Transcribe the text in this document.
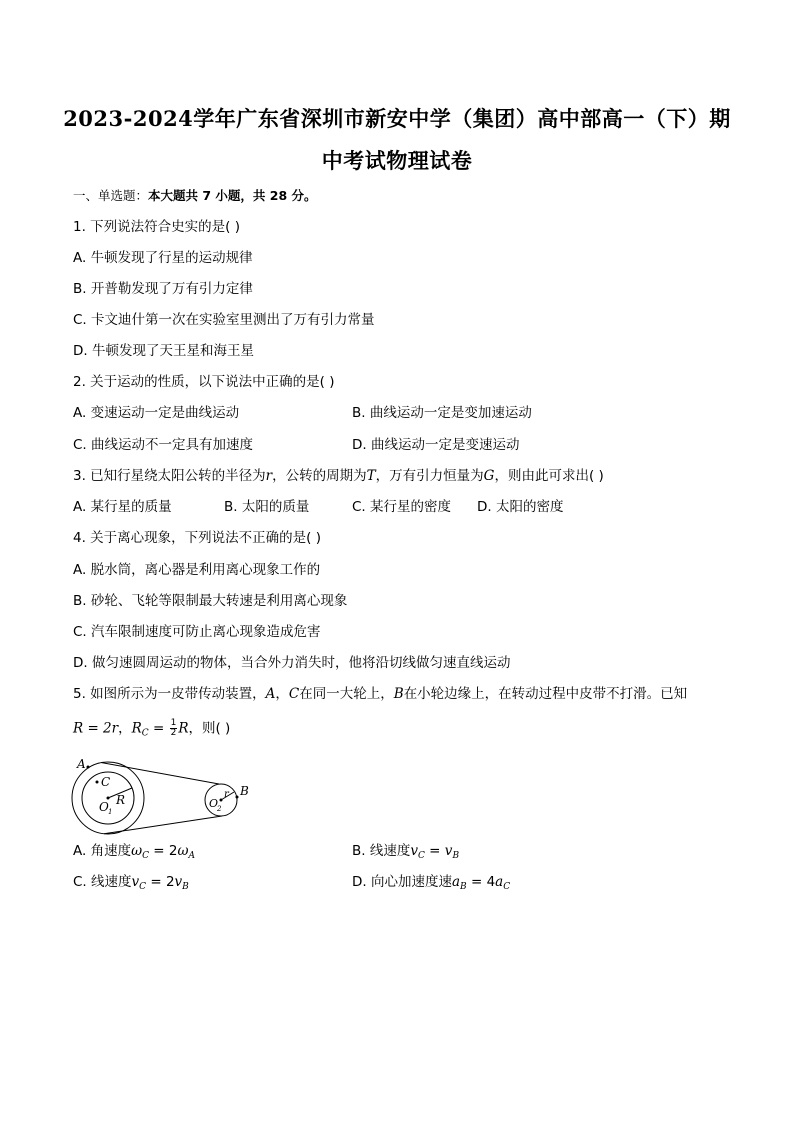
2023-2024学年广东省深圳市新安中学（集团）高中部高一（下）期
中考试物理试卷
一、单选题：本大题共 7 小题，共 28 分。
1. 下列说法符合史实的是( )
A. 牛顿发现了行星的运动规律
B. 开普勒发现了万有引力定律
C. 卡文迪什第一次在实验室里测出了万有引力常量
D. 牛顿发现了天王星和海王星
2. 关于运动的性质，以下说法中正确的是( )
A. 变速运动一定是曲线运动	B. 曲线运动一定是变加速运动
C. 曲线运动不一定具有加速度	D. 曲线运动一定是变速运动
3. 已知行星绕太阳公转的半径为r，公转的周期为T，万有引力恒量为G，则由此可求出( )
A. 某行星的质量	B. 太阳的质量	C. 某行星的密度 D. 太阳的密度
4. 关于离心现象，下列说法不正确的是( )
A. 脱水筒，离心器是利用离心现象工作的
B. 砂轮、飞轮等限制最大转速是利用离心现象
C. 汽车限制速度可防止离心现象造成危害
D. 做匀速圆周运动的物体，当合外力消失时，他将沿切线做匀速直线运动
5. 如图所示为一皮带传动装置，A，C在同一大轮上，B在小轮边缘上，在转动过程中皮带不打滑。已知
R = 2r，$R_C = \frac{1}{2}$ R，则( )
A
C
O 1
R	O
2
r B
A. 角速度$\omega_C = 2\omega_A$	B. 线速度$v_C = v_B$
C. 线速度$v_C = 2v_B$	D. 向心加速度速$a_B = 4a_C$
